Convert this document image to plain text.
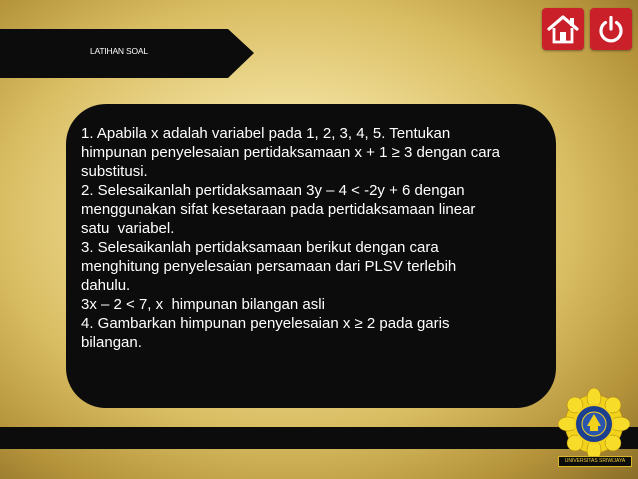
LATIHAN SOAL

1. Apabila x adalah variabel pada 1, 2, 3, 4, 5. Tentukan

himpunan penyelesaian pertidaksamaan x + 1 ≥ 3 dengan cara

substitusi.

2. Selesaikanlah pertidaksamaan 3y – 4 < -2y + 6 dengan

menggunakan sifat kesetaraan pada pertidaksamaan linear

satu  variabel.

3. Selesaikanlah pertidaksamaan berikut dengan cara

menghitung penyelesaian persamaan dari PLSV terlebih

dahulu.

3x – 2 < 7, x  himpunan bilangan asli

4. Gambarkan himpunan penyelesaian x ≥ 2 pada garis

bilangan.

UNIVERSITAS SRIWIJAYA
